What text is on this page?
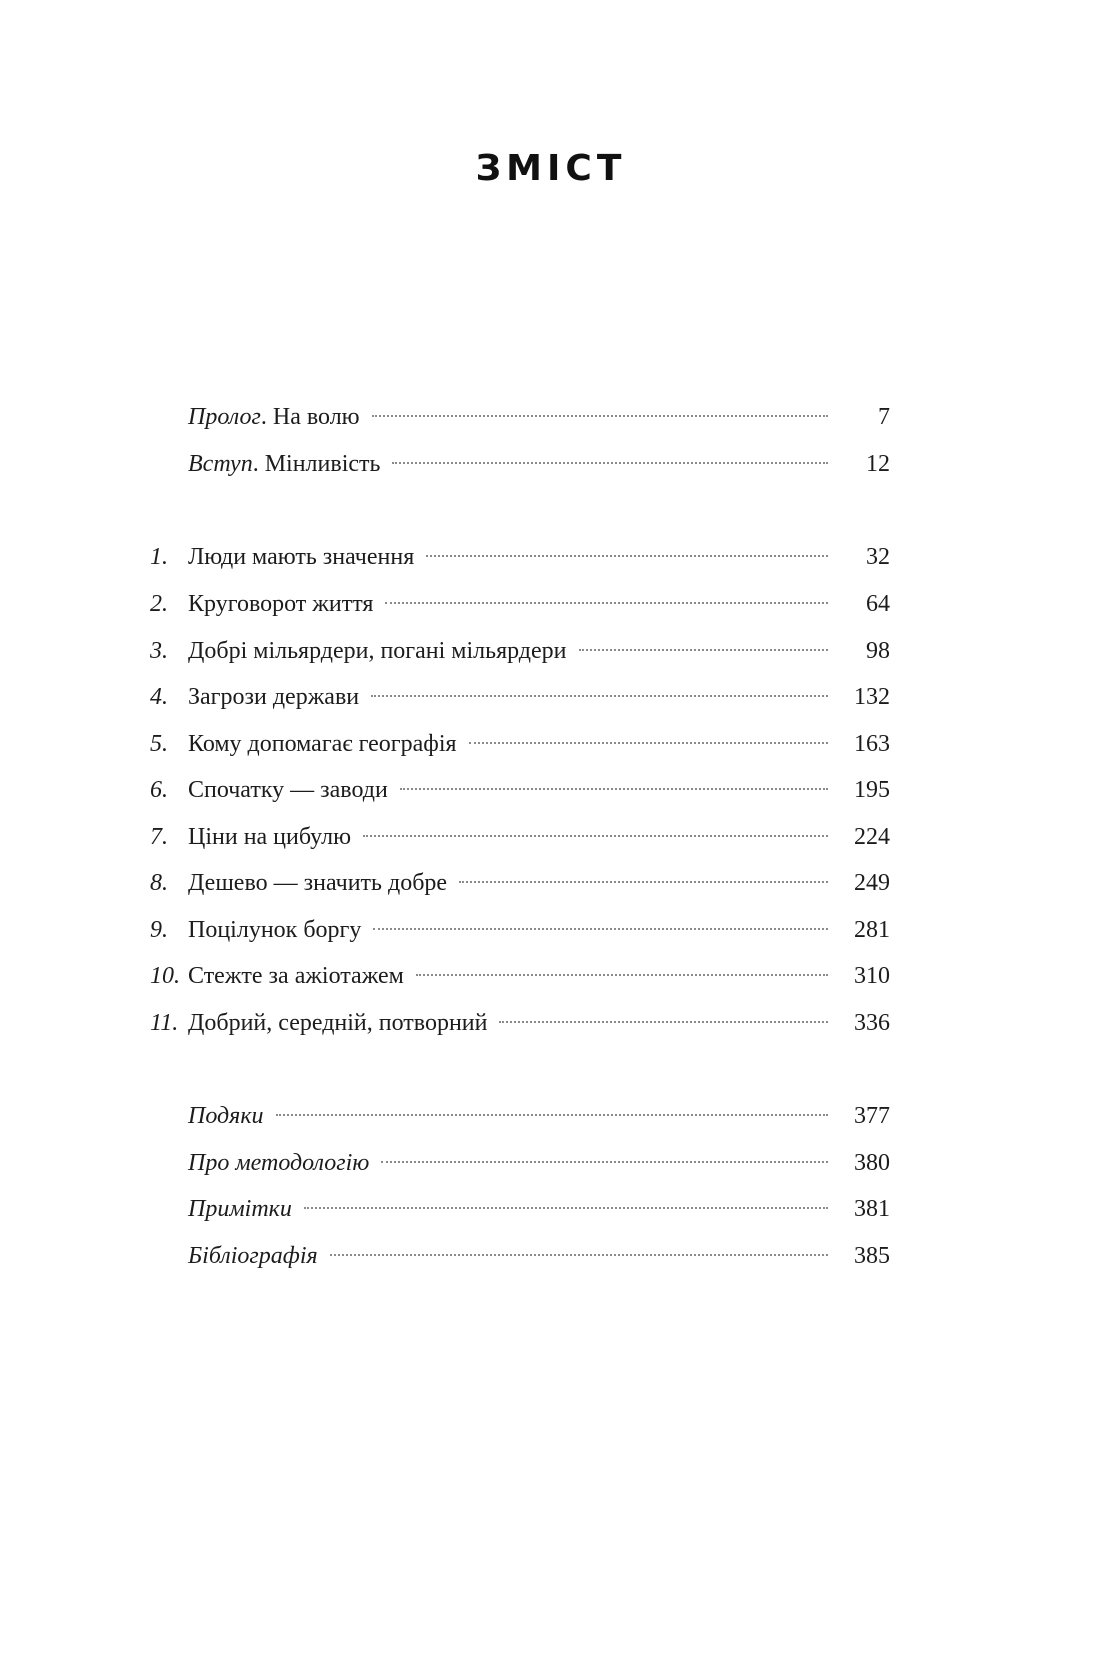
ЗМІСТ
Пролог. На волю	7
Вступ. Мінливість	12
1. Люди мають значення	32
2. Круговорот життя	64
3. Добрі мільярдери, погані мільярдери	98
4. Загрози держави	132
5. Кому допомагає географія	163
6. Спочатку — заводи	195
7. Ціни на цибулю	224
8. Дешево — значить добре	249
9. Поцілунок боргу	281
10. Стежте за ажіотажем	310
11. Добрий, середній, потворний	336
Подяки	377
Про методологію	380
Примітки	381
Бібліографія	385
